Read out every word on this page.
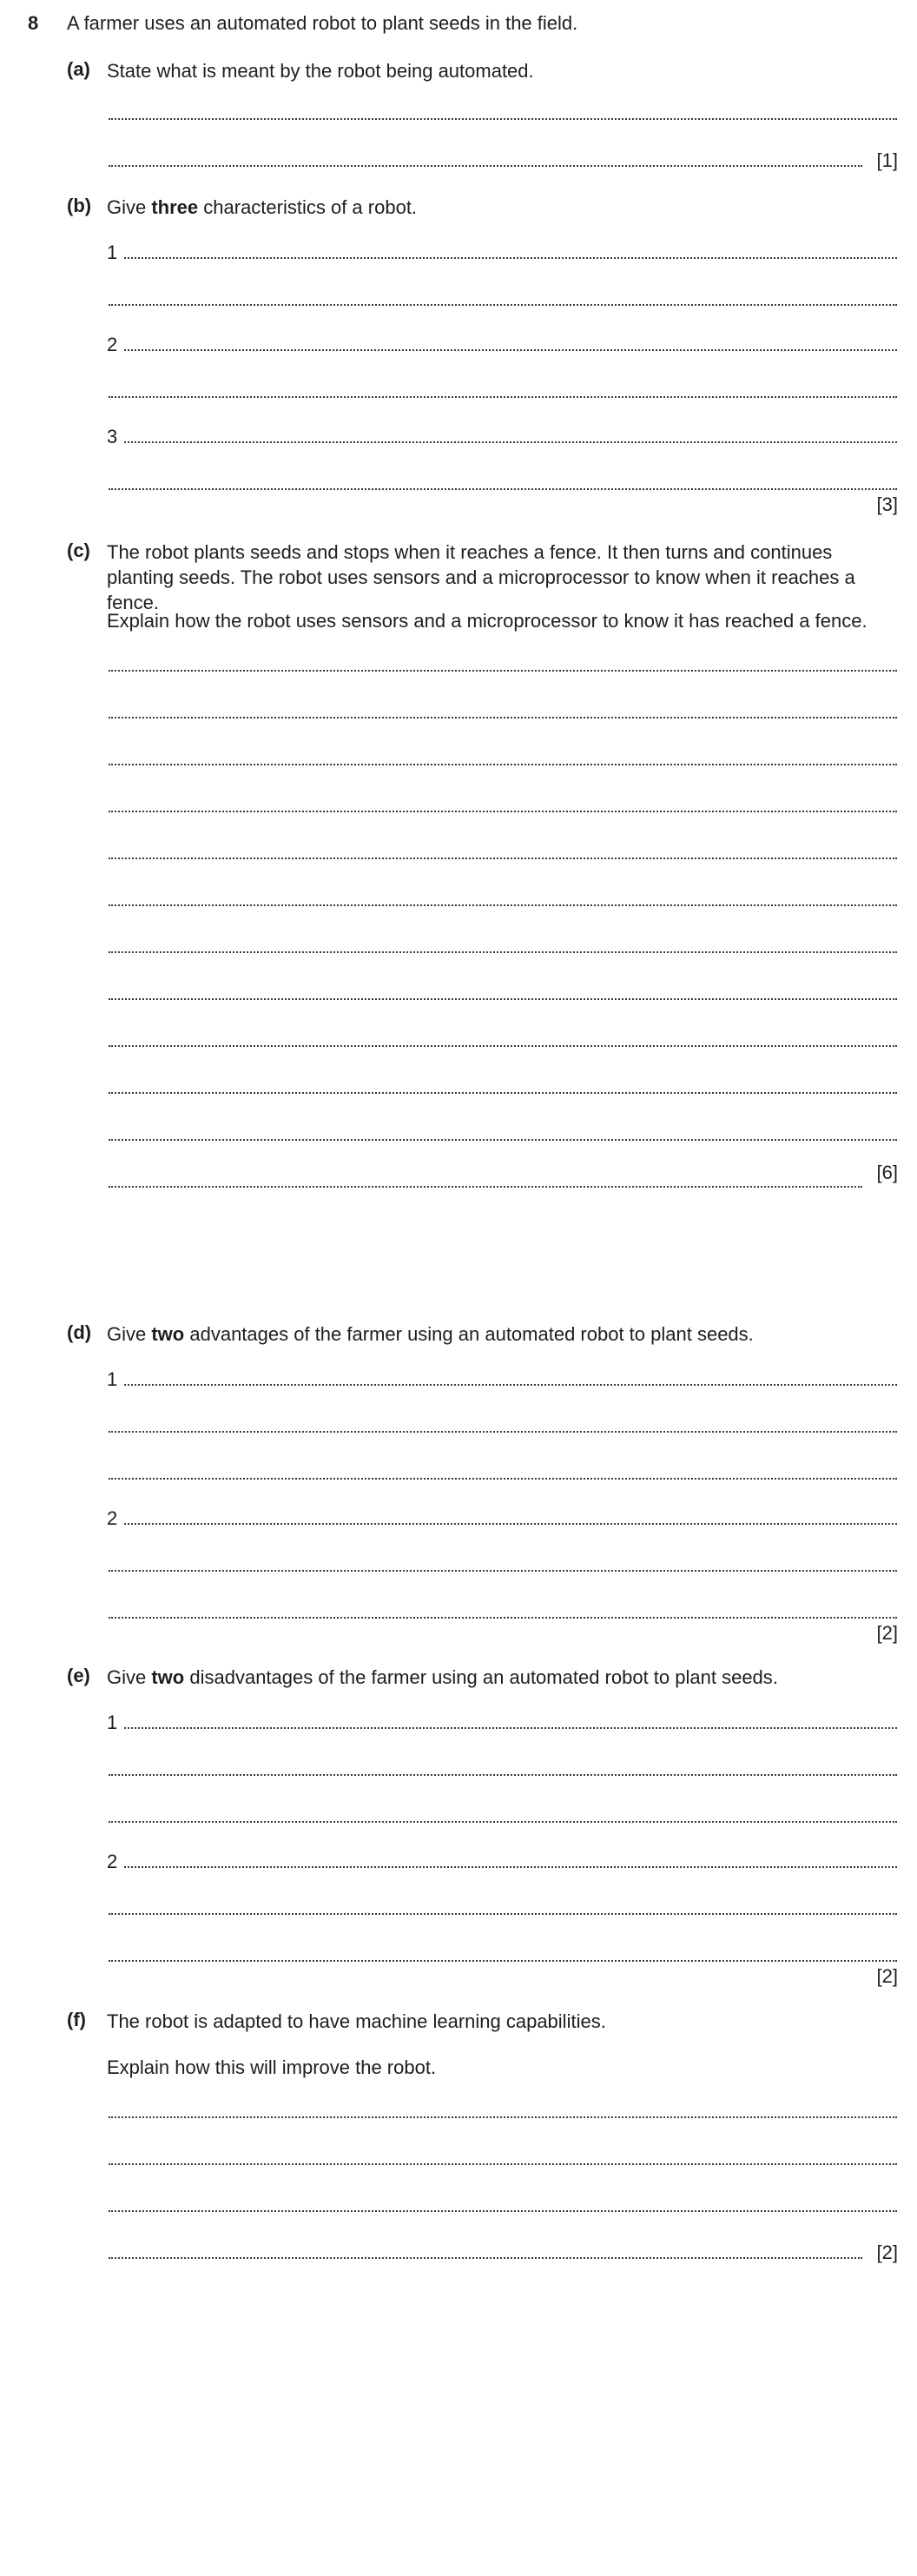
8 A farmer uses an automated robot to plant seeds in the field.
(a) State what is meant by the robot being automated.
[1]
(b) Give three characteristics of a robot.
1
2
3
[3]
(c) The robot plants seeds and stops when it reaches a fence. It then turns and continues planting seeds. The robot uses sensors and a microprocessor to know when it reaches a fence.
Explain how the robot uses sensors and a microprocessor to know it has reached a fence.
[6]
(d) Give two advantages of the farmer using an automated robot to plant seeds.
1
2
[2]
(e) Give two disadvantages of the farmer using an automated robot to plant seeds.
1
2
[2]
(f) The robot is adapted to have machine learning capabilities.
Explain how this will improve the robot.
[2]
